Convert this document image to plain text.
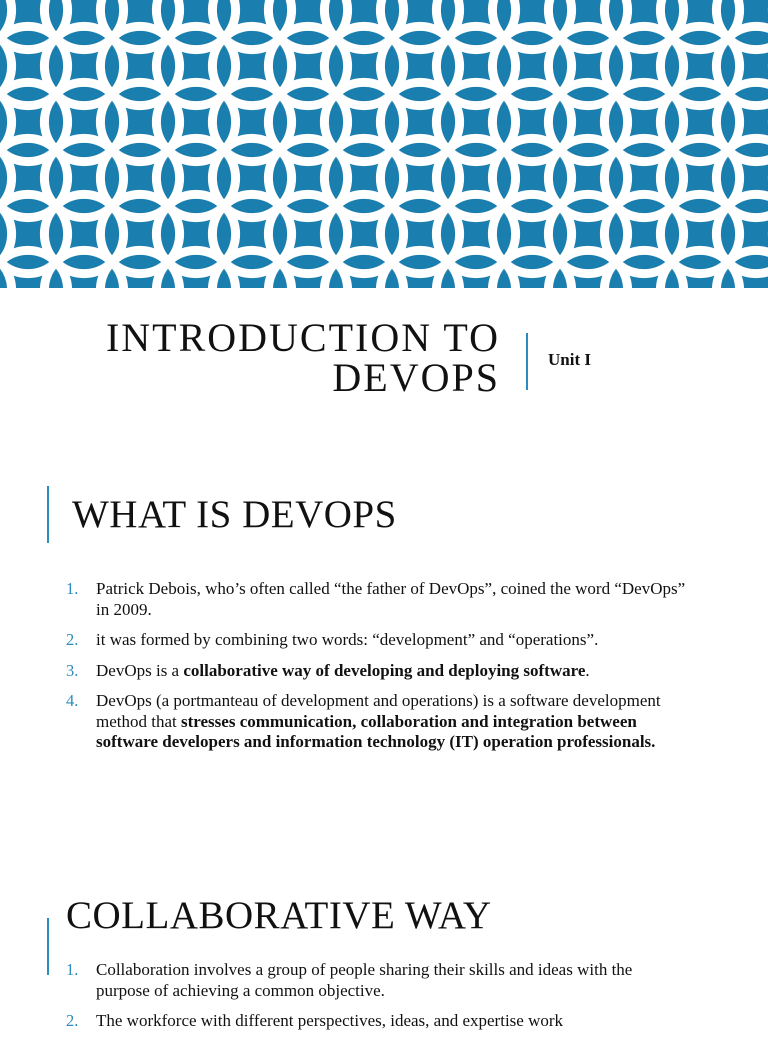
INTRODUCTION TO
DEVOPS	Unit I
WHAT IS DEVOPS
1. Patrick Debois, who’s often called “the father of DevOps”, coined the word “DevOps” in 2009.
2. it was formed by combining two words: “development” and “operations”.
3. DevOps is a collaborative way of developing and deploying software.
4. DevOps (a portmanteau of development and operations) is a software development method that stresses communication, collaboration and integration between software developers and information technology (IT) operation professionals.
COLLABORATIVE WAY
1. Collaboration involves a group of people sharing their skills and ideas with the purpose of achieving a common objective.
2. The workforce with different perspectives, ideas, and expertise work
